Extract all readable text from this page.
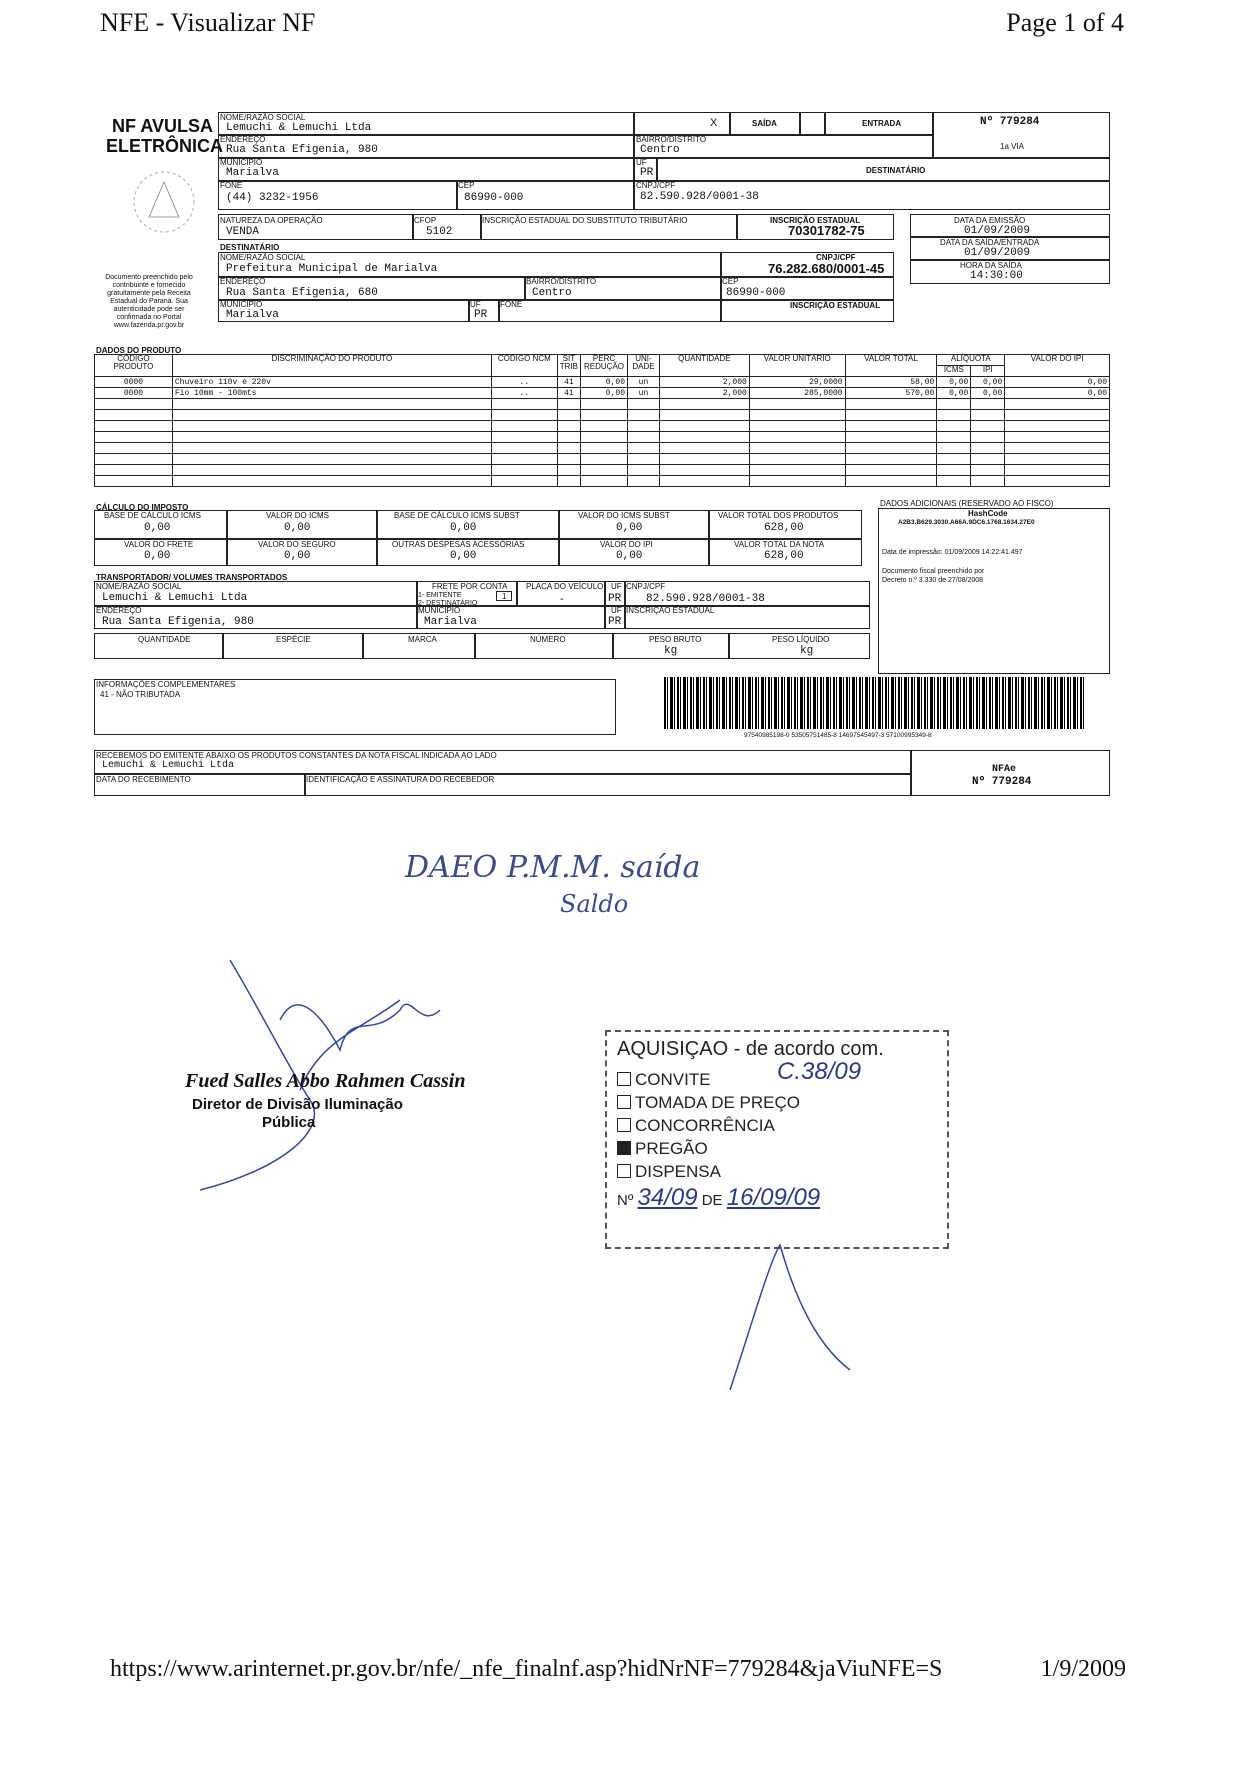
NFE - Visualizar NF	Page 1 of 4
NF AVULSA
ELETRÔNICA
Documento preenchido pelo contribuinte e fornecido gratuitamente pela Receita Estadual do Paraná. Sua autenticidade pode ser confirmada no Portal www.fazenda.pr.gov.br
NOME/RAZÃO SOCIAL
Lemuchi & Lemuchi Ltda
ENDEREÇO
Rua Santa Efigenia, 980
MUNICÍPIO
Marialva
FONE
(44) 3232-1956
CEP
86990-000
X	SAÍDA	ENTRADA	Nº 779284
1a VIA
BAIRRO/DISTRITO
Centro
UF
PR	DESTINATÁRIO
CNPJ/CPF
82.590.928/0001-38
NATUREZA DA OPERAÇÃO
VENDA
CFOP
5102
INSCRIÇÃO ESTADUAL DO SUBSTITUTO TRIBUTÁRIO	INSCRIÇÃO ESTADUAL
70301782-75
DATA DA EMISSÃO
01/09/2009
DATA DA SAÍDA/ENTRADA
01/09/2009
HORA DA SAÍDA
14:30:00
DESTINATÁRIO
NOME/RAZÃO SOCIAL
Prefeitura Municipal de Marialva
CNPJ/CPF
76.282.680/0001-45
ENDEREÇO
Rua Santa Efigenia, 680
BAIRRO/DISTRITO
Centro
CEP
86990-000
MUNICÍPIO
Marialva
UF
PR
FONE	INSCRIÇÃO ESTADUAL
DADOS DO PRODUTO
CÓDIGO PRODUTO	DISCRIMINAÇÃO DO PRODUTO	CÓDIGO NCM	SIT TRIB	PERC REDUÇÃO	UNI-DADE	QUANTIDADE	VALOR UNITÁRIO	VALOR TOTAL	ALÍQUOTA		VALOR DO IPI
									ICMS	IPI	
0000	Chuveiro 110v e 220v	..	41	0,00	un	2,000	29,0000	58,00	0,00	0,00	0,00
0000	Fio 10mm - 100mts	..	41	0,00	un	2,000	285,0000	570,00	0,00	0,00	0,00

CÁLCULO DO IMPOSTO
BASE DE CÁLCULO ICMS
0,00
VALOR DO ICMS
0,00
BASE DE CÁLCULO ICMS SUBST
0,00
VALOR DO ICMS SUBST
0,00
VALOR TOTAL DOS PRODUTOS
628,00
VALOR DO FRETE
0,00
VALOR DO SEGURO
0,00
OUTRAS DESPESAS ACESSÓRIAS
0,00
VALOR DO IPI
0,00
VALOR TOTAL DA NOTA
628,00
DADOS ADICIONAIS (RESERVADO AO FISCO)
HashCode
A2B3.B629.3030.A66A.9DC6.1768.1634.27E0
Data de impressão: 01/09/2009 14:22:41.497
Documento fiscal preenchido por Decreto n.º 3.330 de 27/08/2008
TRANSPORTADOR/ VOLUMES TRANSPORTADOS
NOME/RAZÃO SOCIAL
Lemuchi & Lemuchi Ltda
FRETE POR CONTA
1- EMITENTE
2- DESTINATÁRIO
1
PLACA DO VEÍCULO
-
UF
PR
CNPJ/CPF
82.590.928/0001-38
ENDEREÇO
Rua Santa Efigenia, 980
MUNICÍPIO
Marialva
UF
PR
INSCRIÇÃO ESTADUAL
QUANTIDADE	ESPÉCIE	MARCA	NÚMERO	PESO BRUTO
kg
PESO LÍQUIDO
kg
INFORMAÇÕES COMPLEMENTARES
41 - NÃO TRIBUTADA
97540985198-0 53505751485-8 14697545497-3 57100995349-8
RECEBEMOS DO EMITENTE ABAIXO OS PRODUTOS CONSTANTES DA NOTA FISCAL INDICADA AO LADO
Lemuchi & Lemuchi Ltda
DATA DO RECEBIMENTO	IDENTIFICAÇÃO E ASSINATURA DO RECEBEDOR
NFAe
Nº 779284
DAEO P.M.M. saída
Saldo
Fued Salles Abbo Rahmen Cassin
Diretor de Divisão Iluminação
Pública
AQUISIÇAO - de acordo com.
C.38/09
CONVITE
TOMADA DE PREÇO
CONCORRÊNCIA
PREGÃO
DISPENSA
Nº 34/09 DE 16/09/09
https://www.arinternet.pr.gov.br/nfe/_nfe_finalnf.asp?hidNrNF=779284&jaViuNFE=S	1/9/2009
